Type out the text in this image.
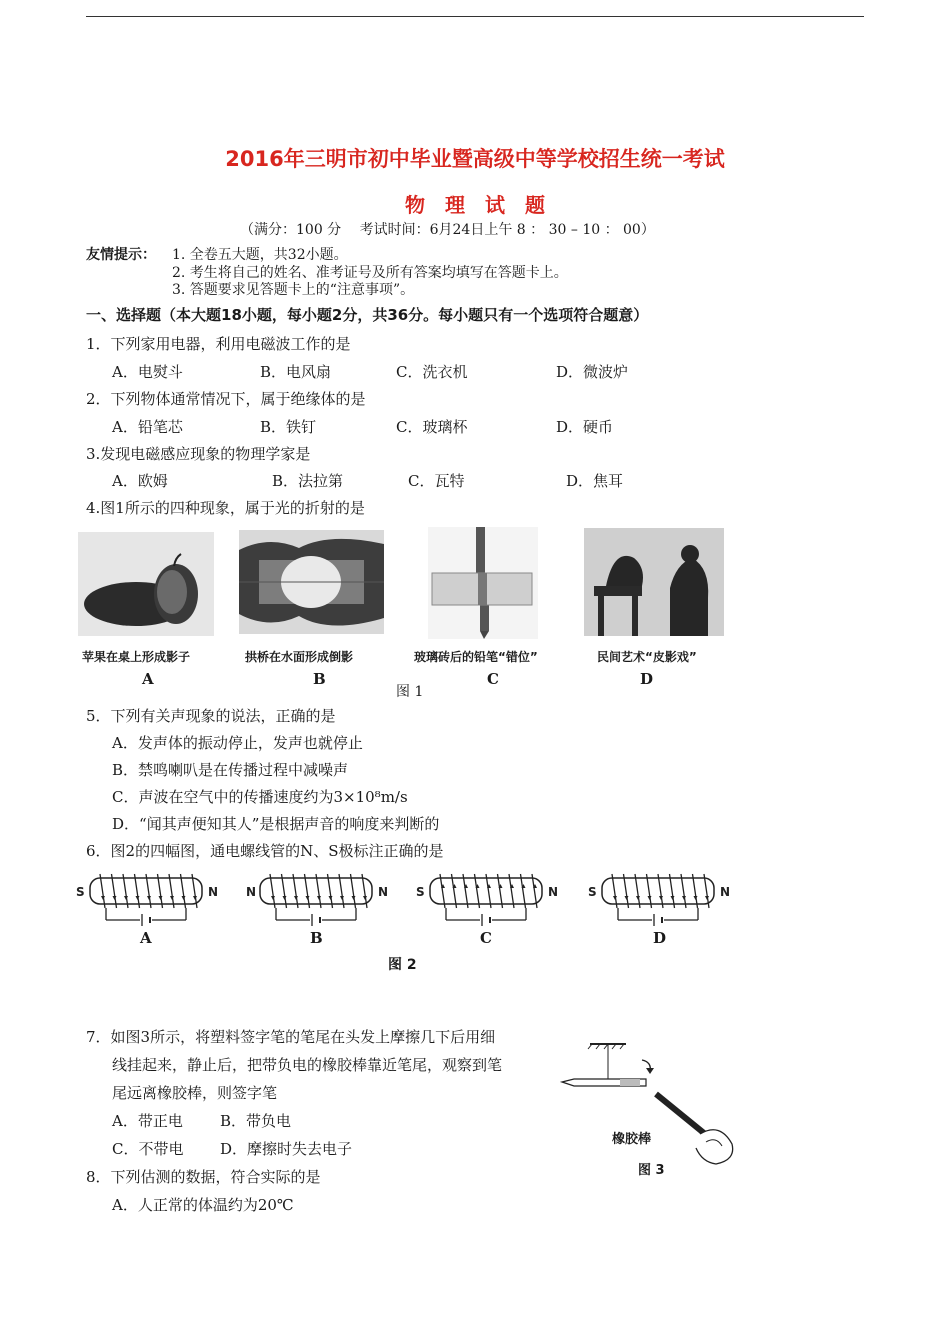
2016年三明市初中毕业暨高级中等学校招生统一考试
物　理　试　题
（满分：100 分　 考试时间：6月24日上午 8 ： 30 – 10 ： 00）
友情提示： 1. 全卷五大题，共32小题。
2. 考生将自己的姓名、准考证号及所有答案均填写在答题卡上。
3. 答题要求见答题卡上的“注意事项”。
一、选择题（本大题18小题，每小题2分，共36分。每小题只有一个选项符合题意）
1．下列家用电器，利用电磁波工作的是
A．电熨斗	B．电风扇	C．洗衣机	D．微波炉
2．下列物体通常情况下，属于绝缘体的是
A．铅笔芯	B．铁钉	C．玻璃杯	D．硬币
3.发现电磁感应现象的物理学家是
A．欧姆	B．法拉第	C．瓦特	D．焦耳
4.图1所示的四种现象，属于光的折射的是
苹果在桌上形成影子	拱桥在水面形成倒影	玻璃砖后的铅笔“错位”	民间艺术“皮影戏”
A	B	C	D
图 1
5．下列有关声现象的说法，正确的是
A．发声体的振动停止，发声也就停止
B．禁鸣喇叭是在传播过程中减噪声
C．声波在空气中的传播速度约为3×10⁸m/s
D．“闻其声便知其人”是根据声音的响度来判断的
6．图2的四幅图，通电螺线管的N、S极标注正确的是
S	N N	N S	N S	N
A	B	C	D
图 2
7．如图3所示，将塑料签字笔的笔尾在头发上摩擦几下后用细
线挂起来，静止后，把带负电的橡胶棒靠近笔尾，观察到笔
尾远离橡胶棒，则签字笔
A．带正电 B．带负电
C．不带电 D．摩擦时失去电子
橡胶棒
图 3
8．下列估测的数据，符合实际的是
A．人正常的体温约为20℃
